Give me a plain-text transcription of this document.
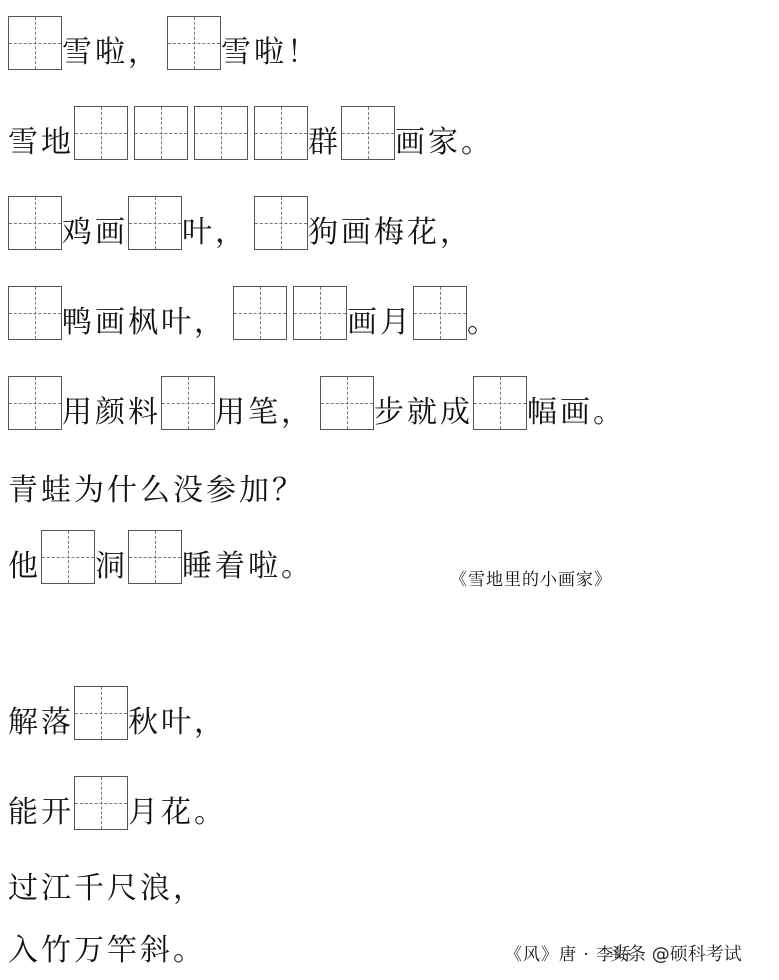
雪啦， 雪啦！
雪地	群 画家。
鸡画 叶， 狗画梅花，
鸭画枫叶，	画月 。
用颜料 用笔， 步就成 幅画。
青蛙为什么没参加？
他 洞 睡着啦。	《雪地里的小画家》
解落 秋叶，
能开 月花。
过江千尺浪，
入竹万竿斜。	《风》唐 · 李峤
头条 @硕科考试
